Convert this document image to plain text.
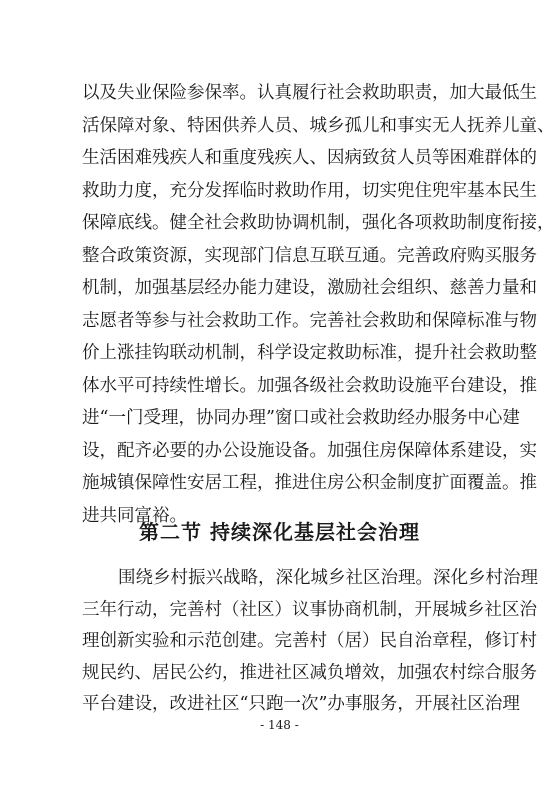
第二节 持续深化基层社会治理
- 148 -
以及失业保险参保率。认真履行社会救助职责，加大最低生
活保障对象、特困供养人员、城乡孤儿和事实无人抚养儿童、
生活困难残疾人和重度残疾人、因病致贫人员等困难群体的
救助力度，充分发挥临时救助作用，切实兜住兜牢基本民生
保障底线。健全社会救助协调机制，强化各项救助制度衔接，
整合政策资源，实现部门信息互联互通。完善政府购买服务
机制，加强基层经办能力建设，激励社会组织、慈善力量和
志愿者等参与社会救助工作。完善社会救助和保障标准与物
价上涨挂钩联动机制，科学设定救助标准，提升社会救助整
体水平可持续性增长。加强各级社会救助设施平台建设，推
进“一门受理，协同办理”窗口或社会救助经办服务中心建
设，配齐必要的办公设施设备。加强住房保障体系建设，实
施城镇保障性安居工程，推进住房公积金制度扩面覆盖。推
进共同富裕。
围绕乡村振兴战略，深化城乡社区治理。深化乡村治理
三年行动，完善村（社区）议事协商机制，开展城乡社区治
理创新实验和示范创建。完善村（居）民自治章程，修订村
规民约、居民公约，推进社区减负增效，加强农村综合服务
平台建设，改进社区“只跑一次”办事服务，开展社区治理
